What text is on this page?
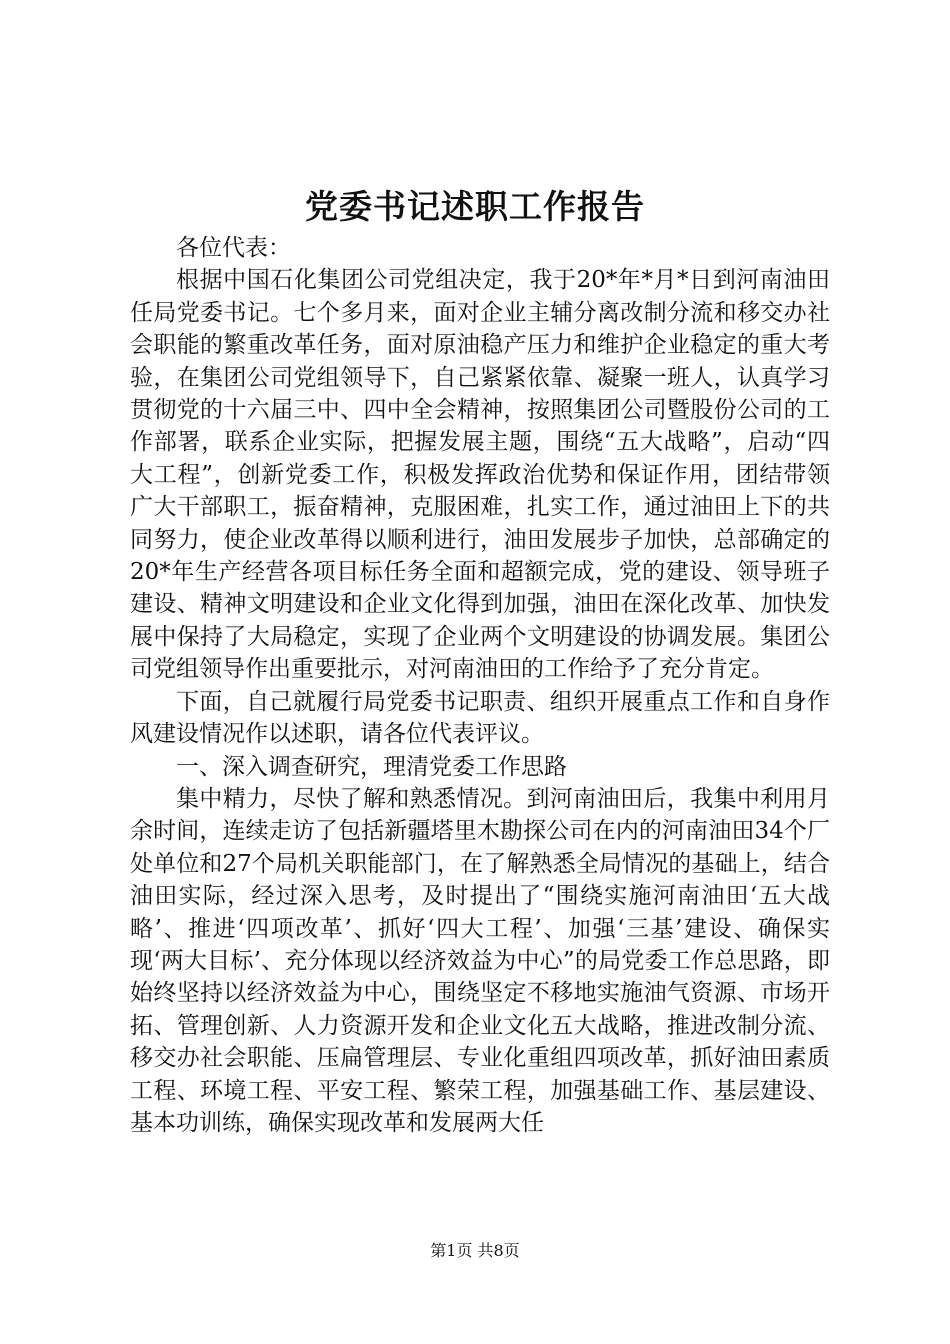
党委书记述职工作报告

各位代表：

根据中国石化集团公司党组决定，我于20*年*月*日到河南油田任局党委书记。七个多月来，面对企业主辅分离改制分流和移交办社会职能的繁重改革任务，面对原油稳产压力和维护企业稳定的重大考验，在集团公司党组领导下，自己紧紧依靠、凝聚一班人，认真学习贯彻党的十六届三中、四中全会精神，按照集团公司暨股份公司的工作部署，联系企业实际，把握发展主题，围绕“五大战略”，启动“四大工程”，创新党委工作，积极发挥政治优势和保证作用，团结带领广大干部职工，振奋精神，克服困难，扎实工作，通过油田上下的共同努力，使企业改革得以顺利进行，油田发展步子加快，总部确定的20*年生产经营各项目标任务全面和超额完成，党的建设、领导班子建设、精神文明建设和企业文化得到加强，油田在深化改革、加快发展中保持了大局稳定，实现了企业两个文明建设的协调发展。集团公司党组领导作出重要批示，对河南油田的工作给予了充分肯定。

下面，自己就履行局党委书记职责、组织开展重点工作和自身作风建设情况作以述职，请各位代表评议。

一、深入调查研究，理清党委工作思路

集中精力，尽快了解和熟悉情况。到河南油田后，我集中利用月余时间，连续走访了包括新疆塔里木勘探公司在内的河南油田34个厂处单位和27个局机关职能部门，在了解熟悉全局情况的基础上，结合油田实际，经过深入思考，及时提出了“围绕实施河南油田‘五大战略’、推进‘四项改革’、抓好‘四大工程’、加强‘三基’建设、确保实现‘两大目标’、充分体现以经济效益为中心”的局党委工作总思路，即始终坚持以经济效益为中心，围绕坚定不移地实施油气资源、市场开拓、管理创新、人力资源开发和企业文化五大战略，推进改制分流、移交办社会职能、压扁管理层、专业化重组四项改革，抓好油田素质工程、环境工程、平安工程、繁荣工程，加强基础工作、基层建设、基本功训练，确保实现改革和发展两大任

第1页 共8页
